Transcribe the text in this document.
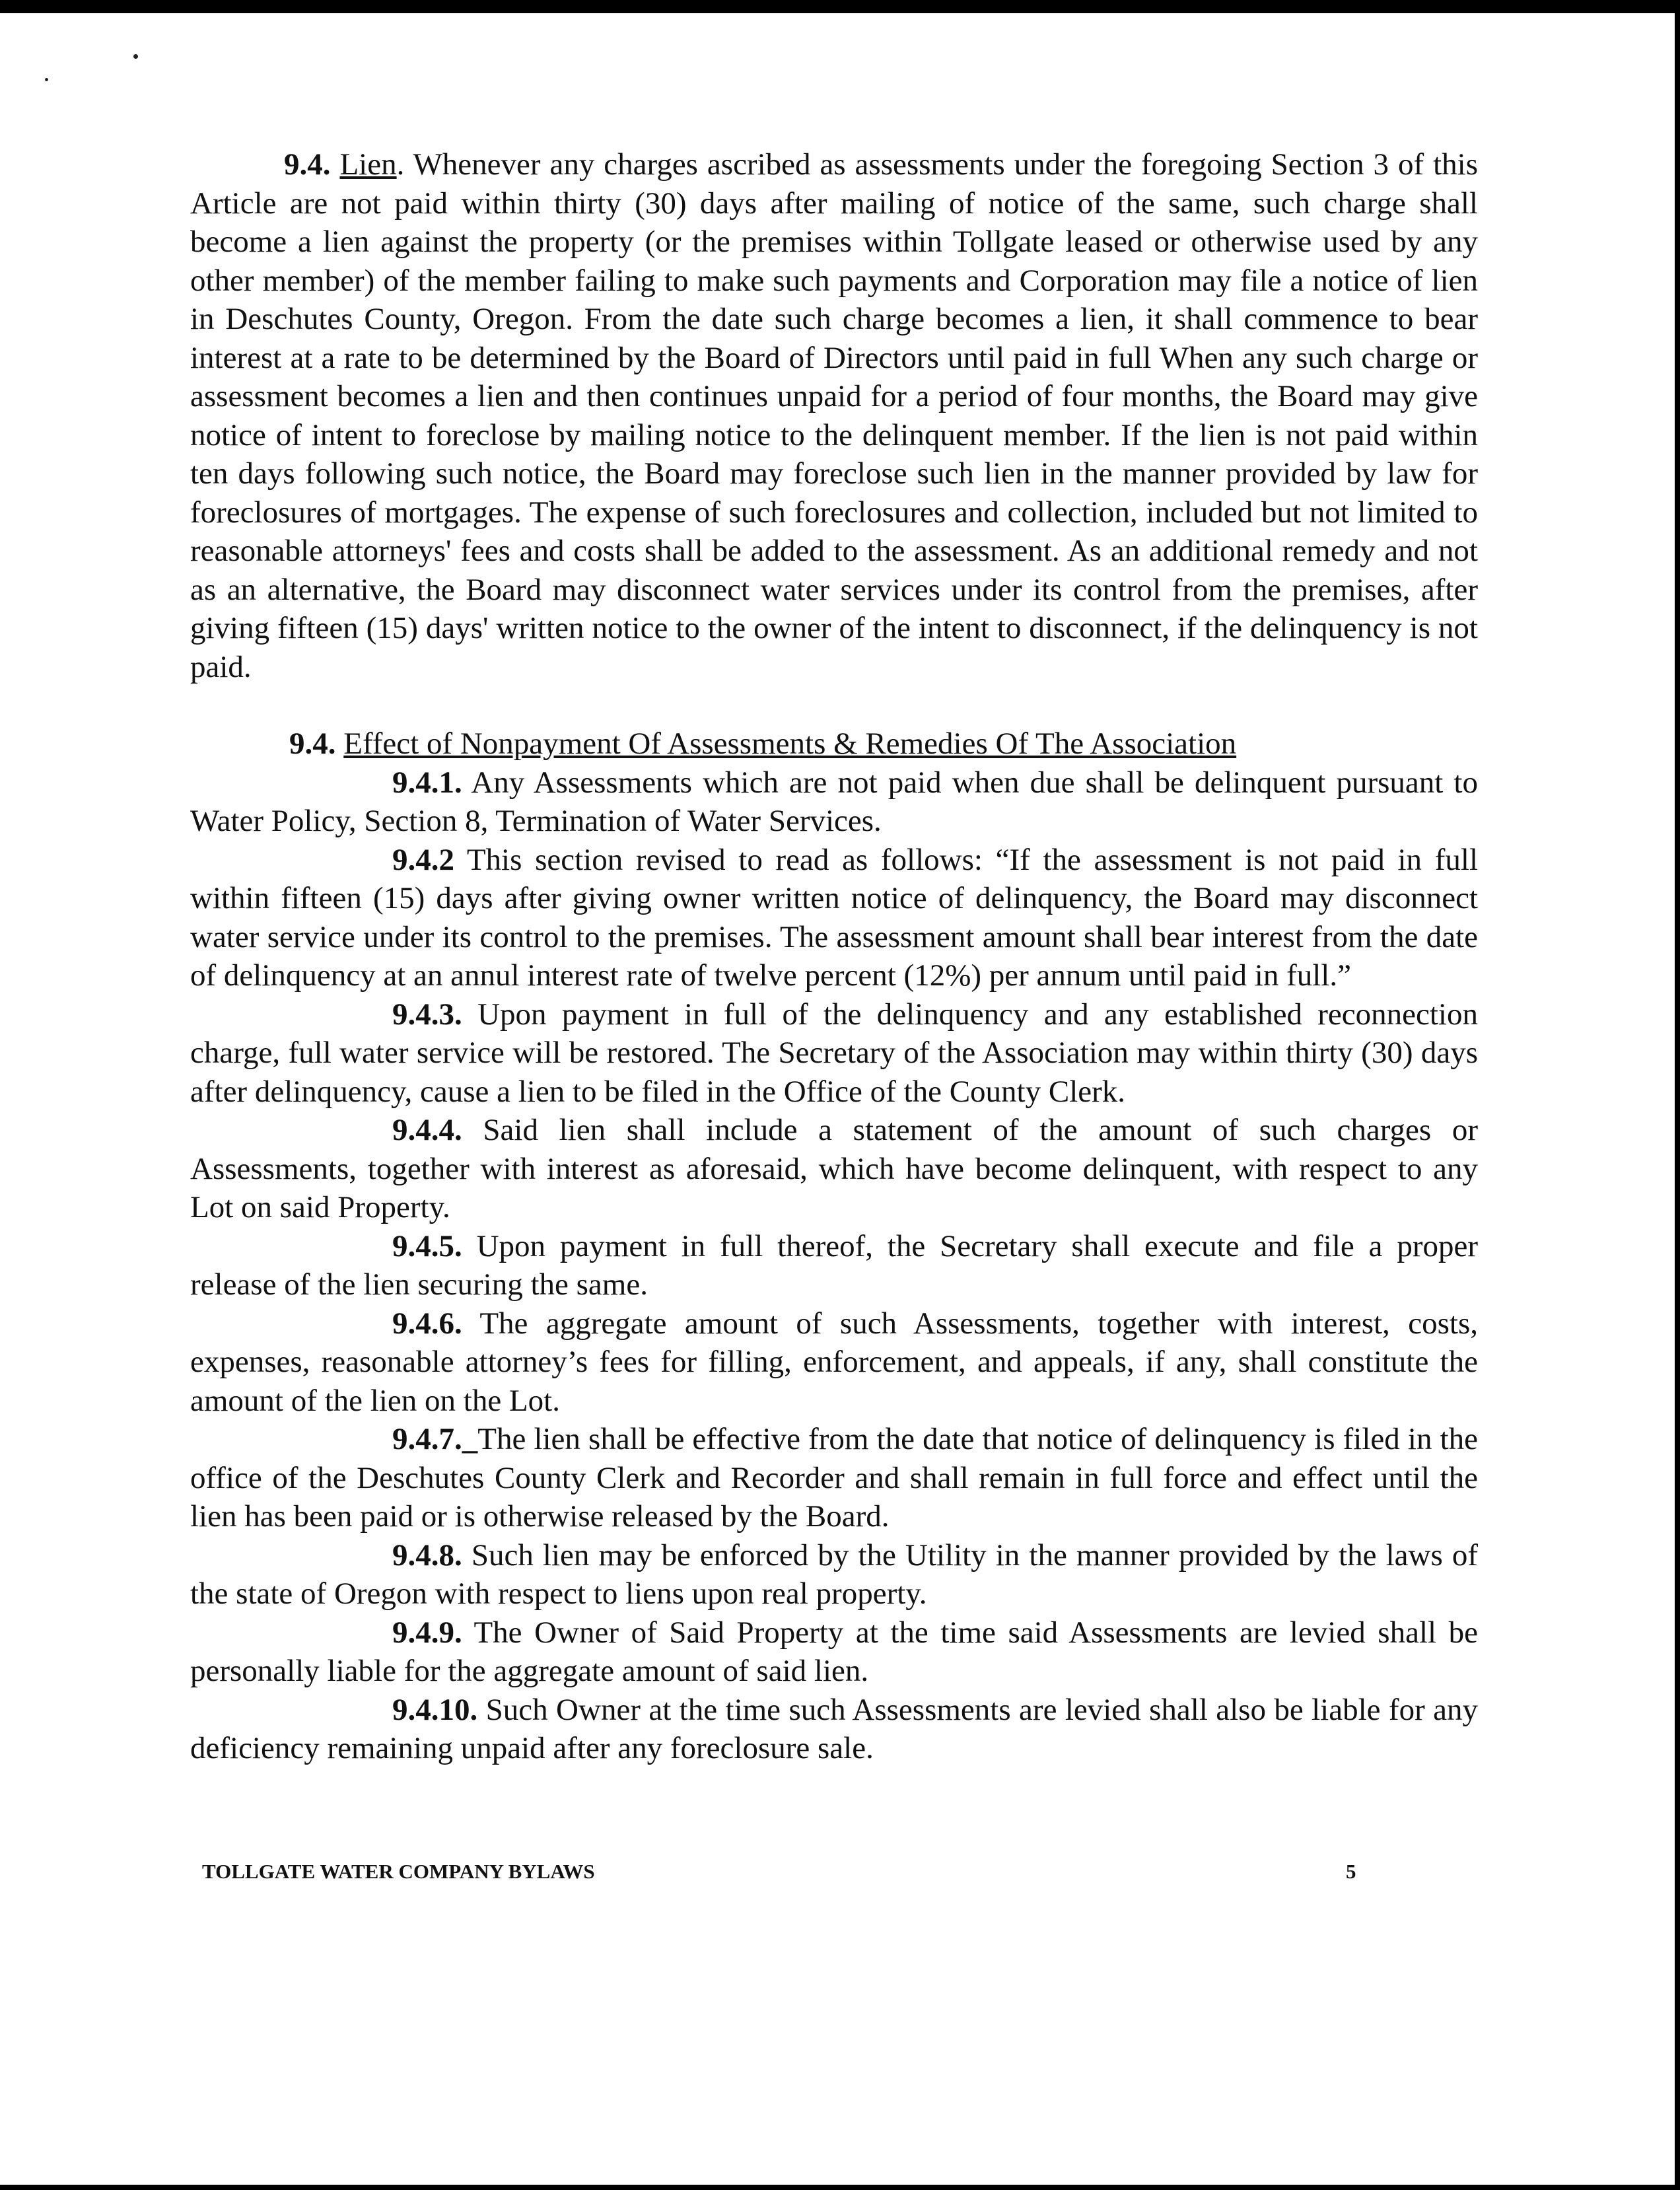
9.4. Lien. Whenever any charges ascribed as assessments under the foregoing Section 3 of this Article are not paid within thirty (30) days after mailing of notice of the same, such charge shall become a lien against the property (or the premises within Tollgate leased or otherwise used by any other member) of the member failing to make such payments and Corporation may file a notice of lien in Deschutes County, Oregon. From the date such charge becomes a lien, it shall commence to bear interest at a rate to be determined by the Board of Directors until paid in full When any such charge or assessment becomes a lien and then continues unpaid for a period of four months, the Board may give notice of intent to foreclose by mailing notice to the delinquent member. If the lien is not paid within ten days following such notice, the Board may foreclose such lien in the manner provided by law for foreclosures of mortgages. The expense of such foreclosures and collection, included but not limited to reasonable attorneys' fees and costs shall be added to the assessment. As an additional remedy and not as an alternative, the Board may disconnect water services under its control from the premises, after giving fifteen (15) days' written notice to the owner of the intent to disconnect, if the delinquency is not paid.

9.4. Effect of Nonpayment Of Assessments & Remedies Of The Association

9.4.1. Any Assessments which are not paid when due shall be delinquent pursuant to Water Policy, Section 8, Termination of Water Services.

9.4.2 This section revised to read as follows: “If the assessment is not paid in full within fifteen (15) days after giving owner written notice of delinquency, the Board may disconnect water service under its control to the premises. The assessment amount shall bear interest from the date of delinquency at an annul interest rate of twelve percent (12%) per annum until paid in full.”

9.4.3. Upon payment in full of the delinquency and any established reconnection charge, full water service will be restored. The Secretary of the Association may within thirty (30) days after delinquency, cause a lien to be filed in the Office of the County Clerk.

9.4.4. Said lien shall include a statement of the amount of such charges or Assessments, together with interest as aforesaid, which have become delinquent, with respect to any Lot on said Property.

9.4.5. Upon payment in full thereof, the Secretary shall execute and file a proper release of the lien securing the same.

9.4.6. The aggregate amount of such Assessments, together with interest, costs, expenses, reasonable attorney’s fees for filling, enforcement, and appeals, if any, shall constitute the amount of the lien on the Lot.

9.4.7._The lien shall be effective from the date that notice of delinquency is filed in the office of the Deschutes County Clerk and Recorder and shall remain in full force and effect until the lien has been paid or is otherwise released by the Board.

9.4.8. Such lien may be enforced by the Utility in the manner provided by the laws of the state of Oregon with respect to liens upon real property.

9.4.9. The Owner of Said Property at the time said Assessments are levied shall be personally liable for the aggregate amount of said lien.

9.4.10. Such Owner at the time such Assessments are levied shall also be liable for any deficiency remaining unpaid after any foreclosure sale.

TOLLGATE WATER COMPANY BYLAWS	5
